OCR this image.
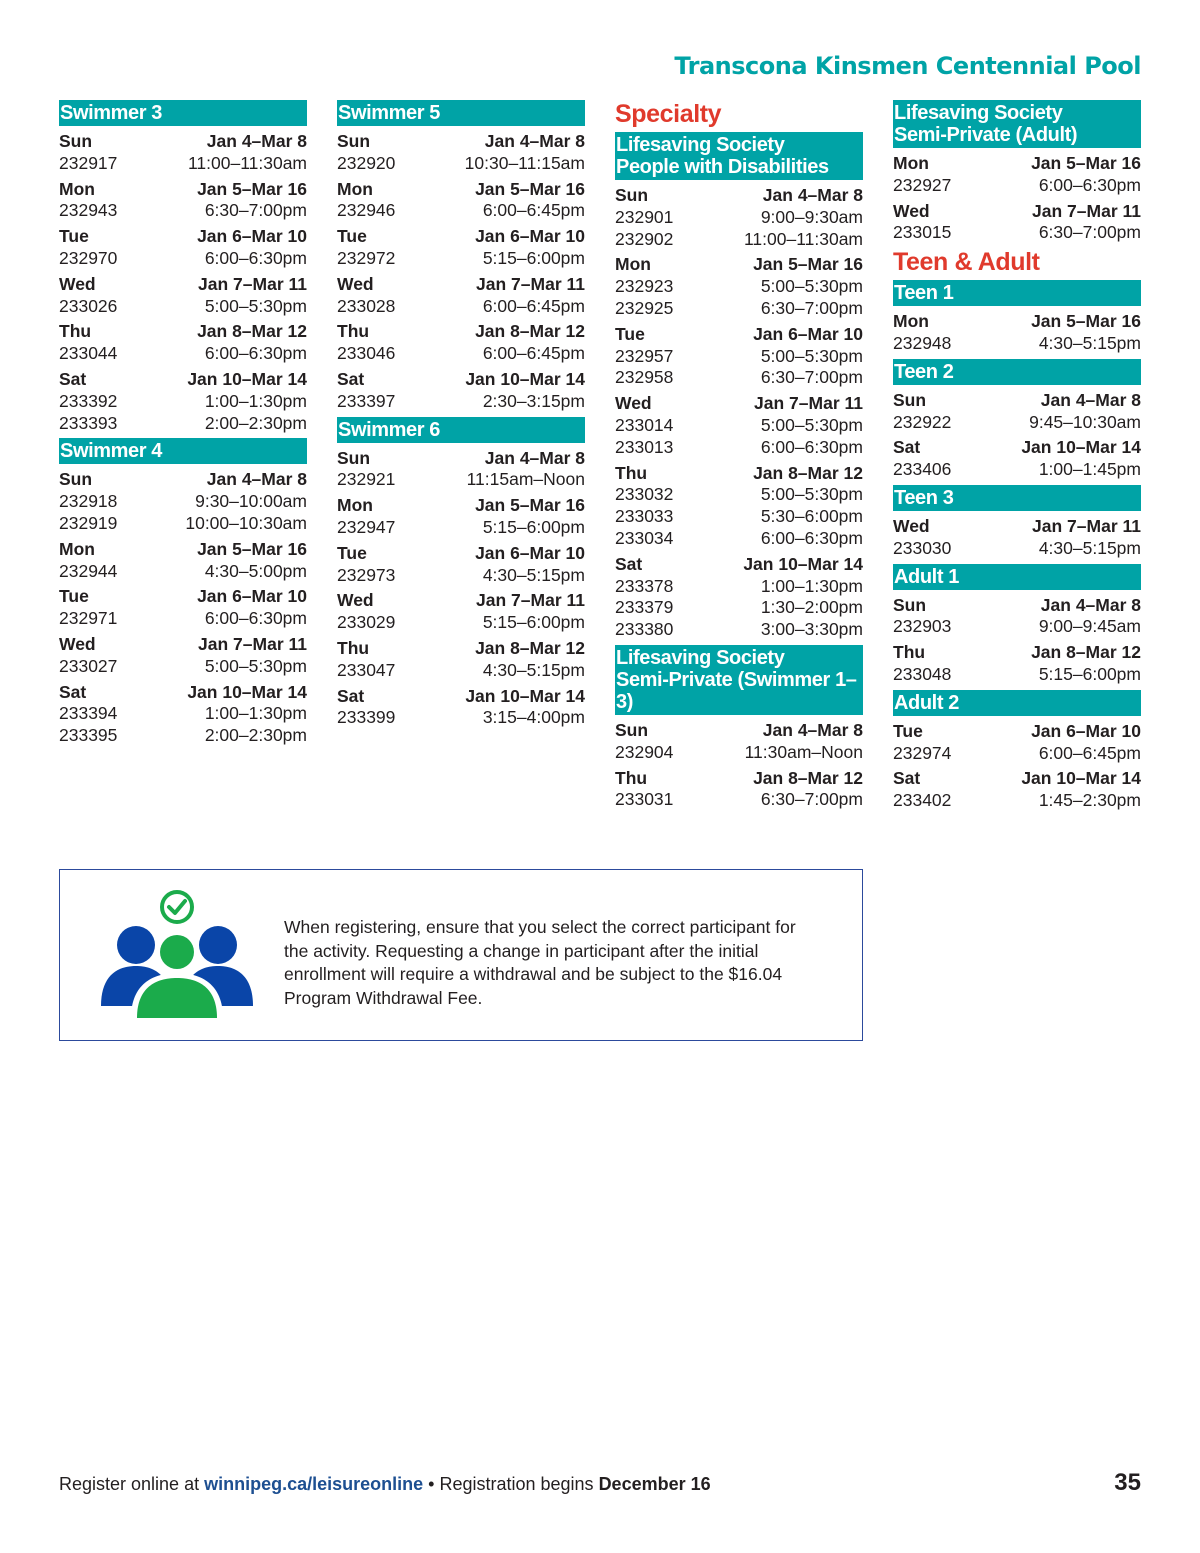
Transcona Kinsmen Centennial Pool
Swimmer 3
Sun	Jan 4–Mar 8
232917	11:00–11:30am
Mon	Jan 5–Mar 16
232943	6:30–7:00pm
Tue	Jan 6–Mar 10
232970	6:00–6:30pm
Wed	Jan 7–Mar 11
233026	5:00–5:30pm
Thu	Jan 8–Mar 12
233044	6:00–6:30pm
Sat	Jan 10–Mar 14
233392	1:00–1:30pm
233393	2:00–2:30pm
Swimmer 4
Sun	Jan 4–Mar 8
232918	9:30–10:00am
232919	10:00–10:30am
Mon	Jan 5–Mar 16
232944	4:30–5:00pm
Tue	Jan 6–Mar 10
232971	6:00–6:30pm
Wed	Jan 7–Mar 11
233027	5:00–5:30pm
Sat	Jan 10–Mar 14
233394	1:00–1:30pm
233395	2:00–2:30pm
Swimmer 5
Sun	Jan 4–Mar 8
232920	10:30–11:15am
Mon	Jan 5–Mar 16
232946	6:00–6:45pm
Tue	Jan 6–Mar 10
232972	5:15–6:00pm
Wed	Jan 7–Mar 11
233028	6:00–6:45pm
Thu	Jan 8–Mar 12
233046	6:00–6:45pm
Sat	Jan 10–Mar 14
233397	2:30–3:15pm
Swimmer 6
Sun	Jan 4–Mar 8
232921	11:15am–Noon
Mon	Jan 5–Mar 16
232947	5:15–6:00pm
Tue	Jan 6–Mar 10
232973	4:30–5:15pm
Wed	Jan 7–Mar 11
233029	5:15–6:00pm
Thu	Jan 8–Mar 12
233047	4:30–5:15pm
Sat	Jan 10–Mar 14
233399	3:15–4:00pm
Specialty
Lifesaving Society
People with Disabilities
Sun	Jan 4–Mar 8
232901	9:00–9:30am
232902	11:00–11:30am
Mon	Jan 5–Mar 16
232923	5:00–5:30pm
232925	6:30–7:00pm
Tue	Jan 6–Mar 10
232957	5:00–5:30pm
232958	6:30–7:00pm
Wed	Jan 7–Mar 11
233014	5:00–5:30pm
233013	6:00–6:30pm
Thu	Jan 8–Mar 12
233032	5:00–5:30pm
233033	5:30–6:00pm
233034	6:00–6:30pm
Sat	Jan 10–Mar 14
233378	1:00–1:30pm
233379	1:30–2:00pm
233380	3:00–3:30pm
Lifesaving Society
Semi-Private (Swimmer 1–3)
Sun	Jan 4–Mar 8
232904	11:30am–Noon
Thu	Jan 8–Mar 12
233031	6:30–7:00pm
Lifesaving Society
Semi-Private (Adult)
Mon	Jan 5–Mar 16
232927	6:00–6:30pm
Wed	Jan 7–Mar 11
233015	6:30–7:00pm
Teen & Adult
Teen 1
Mon	Jan 5–Mar 16
232948	4:30–5:15pm
Teen 2
Sun	Jan 4–Mar 8
232922	9:45–10:30am
Sat	Jan 10–Mar 14
233406	1:00–1:45pm
Teen 3
Wed	Jan 7–Mar 11
233030	4:30–5:15pm
Adult 1
Sun	Jan 4–Mar 8
232903	9:00–9:45am
Thu	Jan 8–Mar 12
233048	5:15–6:00pm
Adult 2
Tue	Jan 6–Mar 10
232974	6:00–6:45pm
Sat	Jan 10–Mar 14
233402	1:45–2:30pm
When registering, ensure that you select the correct participant for the activity. Requesting a change in participant after the initial enrollment will require a withdrawal and be subject to the $16.04 Program Withdrawal Fee.
Register online at winnipeg.ca/leisureonline • Registration begins December 16	35
